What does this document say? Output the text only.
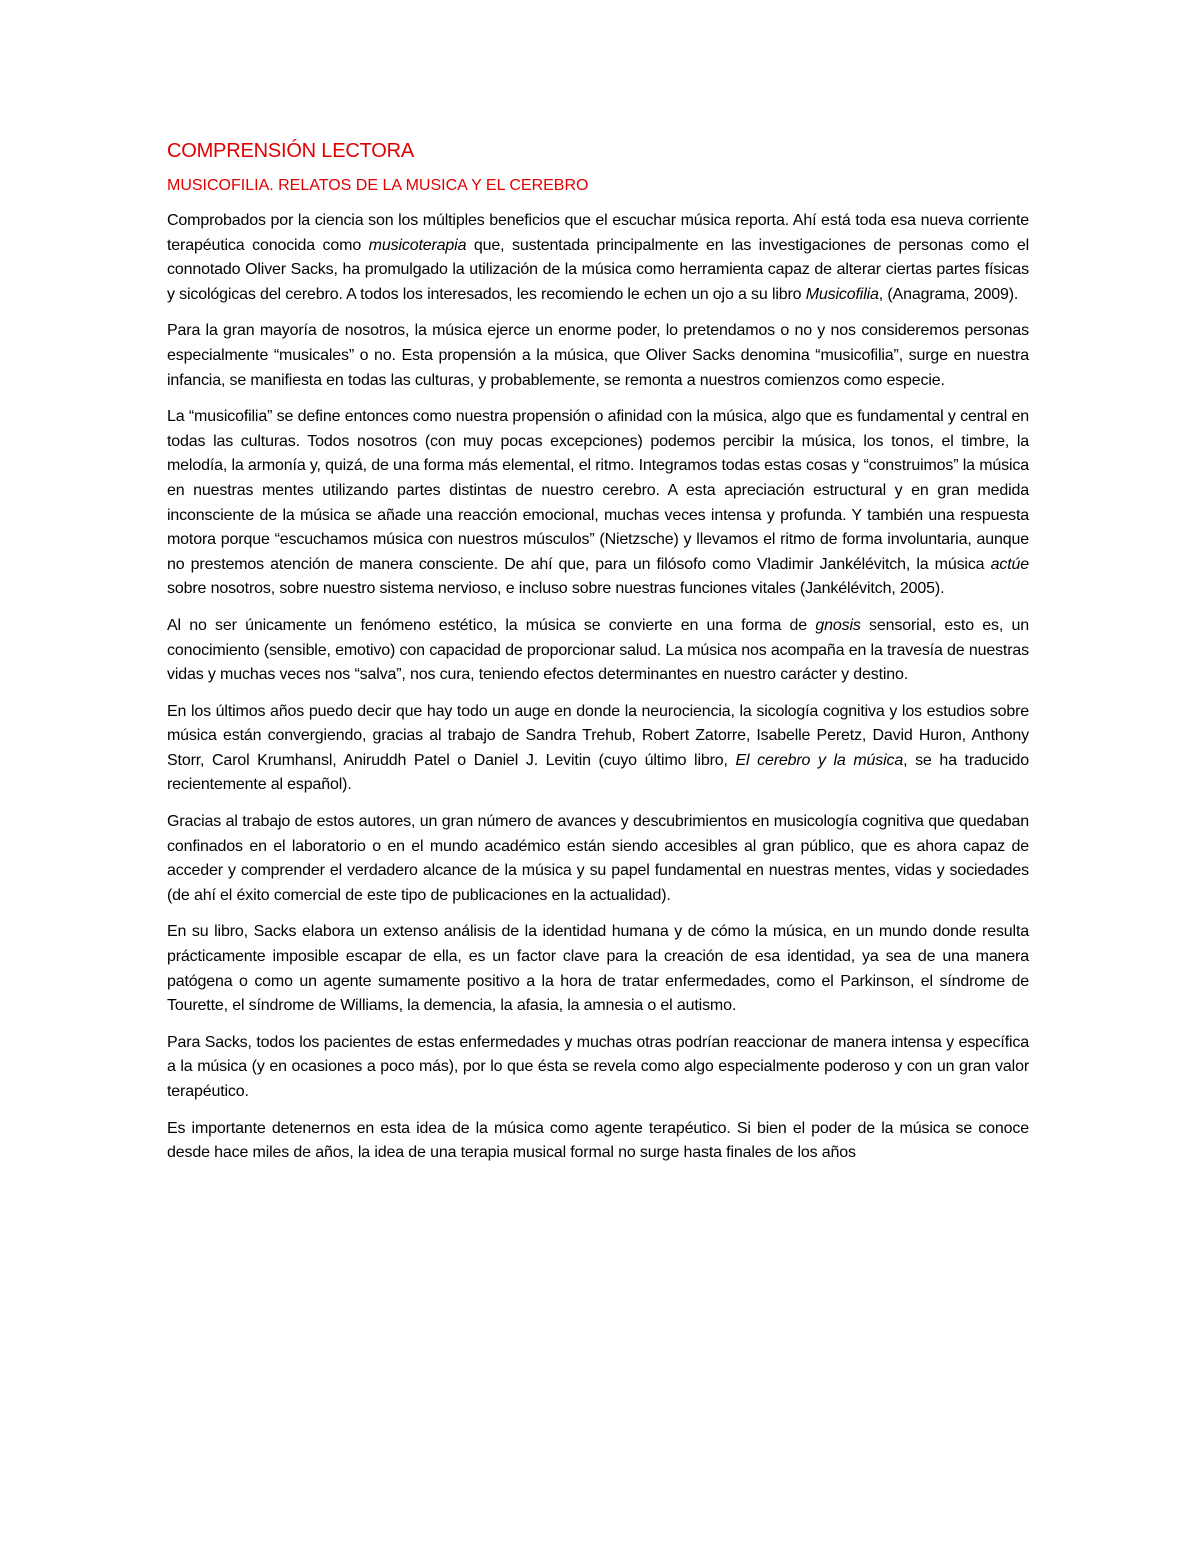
COMPRENSIÓN LECTORA
MUSICOFILIA. RELATOS DE LA MUSICA Y EL CEREBRO

Comprobados por la ciencia son los múltiples beneficios que el escuchar música reporta. Ahí está toda esa nueva corriente terapéutica conocida como musicoterapia que, sustentada principalmente en las investigaciones de personas como el connotado Oliver Sacks, ha promulgado la utilización de la música como herramienta capaz de alterar ciertas partes físicas y sicológicas del cerebro. A todos los interesados, les recomiendo le echen un ojo a su libro Musicofilia, (Anagrama, 2009).

Para la gran mayoría de nosotros, la música ejerce un enorme poder, lo pretendamos o no y nos consideremos personas especialmente “musicales” o no. Esta propensión a la música, que Oliver Sacks denomina “musicofilia”, surge en nuestra infancia, se manifiesta en todas las culturas, y probablemente, se remonta a nuestros comienzos como especie.

La “musicofilia” se define entonces como nuestra propensión o afinidad con la música, algo que es fundamental y central en todas las culturas. Todos nosotros (con muy pocas excepciones) podemos percibir la música, los tonos, el timbre, la melodía, la armonía y, quizá, de una forma más elemental, el ritmo. Integramos todas estas cosas y “construimos” la música en nuestras mentes utilizando partes distintas de nuestro cerebro. A esta apreciación estructural y en gran medida inconsciente de la música se añade una reacción emocional, muchas veces intensa y profunda. Y también una respuesta motora porque “escuchamos música con nuestros músculos” (Nietzsche) y llevamos el ritmo de forma involuntaria, aunque no prestemos atención de manera consciente. De ahí que, para un filósofo como Vladimir Jankélévitch, la música actúe sobre nosotros, sobre nuestro sistema nervioso, e incluso sobre nuestras funciones vitales (Jankélévitch, 2005).

Al no ser únicamente un fenómeno estético, la música se convierte en una forma de gnosis sensorial, esto es, un conocimiento (sensible, emotivo) con capacidad de proporcionar salud. La música nos acompaña en la travesía de nuestras vidas y muchas veces nos “salva”, nos cura, teniendo efectos determinantes en nuestro carácter y destino.

En los últimos años puedo decir que hay todo un auge en donde la neurociencia, la sicología cognitiva y los estudios sobre música están convergiendo, gracias al trabajo de Sandra Trehub, Robert Zatorre, Isabelle Peretz, David Huron, Anthony Storr, Carol Krumhansl, Aniruddh Patel o Daniel J. Levitin (cuyo último libro, El cerebro y la música, se ha traducido recientemente al español).

Gracias al trabajo de estos autores, un gran número de avances y descubrimientos en musicología cognitiva que quedaban confinados en el laboratorio o en el mundo académico están siendo accesibles al gran público, que es ahora capaz de acceder y comprender el verdadero alcance de la música y su papel fundamental en nuestras mentes, vidas y sociedades (de ahí el éxito comercial de este tipo de publicaciones en la actualidad).

En su libro, Sacks elabora un extenso análisis de la identidad humana y de cómo la música, en un mundo donde resulta prácticamente imposible escapar de ella, es un factor clave para la creación de esa identidad, ya sea de una manera patógena o como un agente sumamente positivo a la hora de tratar enfermedades, como el Parkinson, el síndrome de Tourette, el síndrome de Williams, la demencia, la afasia, la amnesia o el autismo.

Para Sacks, todos los pacientes de estas enfermedades y muchas otras podrían reaccionar de manera intensa y específica a la música (y en ocasiones a poco más), por lo que ésta se revela como algo especialmente poderoso y con un gran valor terapéutico.

Es importante detenernos en esta idea de la música como agente terapéutico. Si bien el poder de la música se conoce desde hace miles de años, la idea de una terapia musical formal no surge hasta finales de los años
